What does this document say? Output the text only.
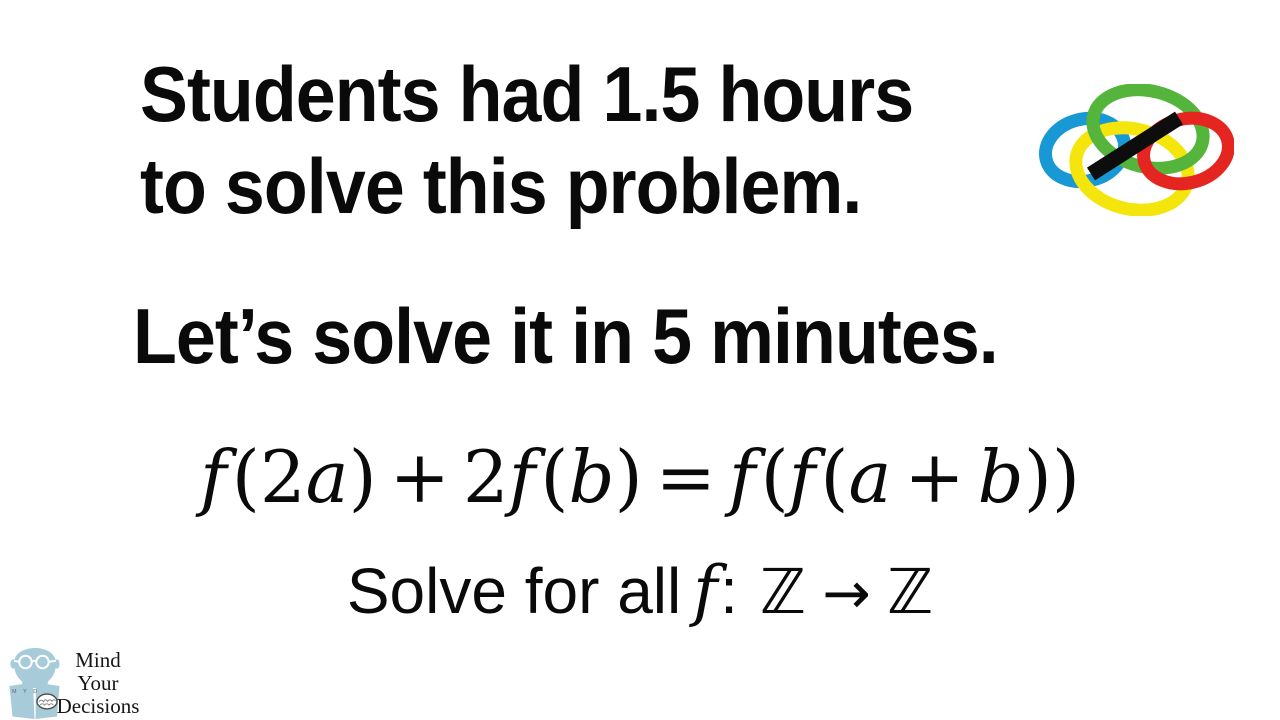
Students had 1.5 hours
to solve this problem.
Let’s solve it in 5 minutes.
f(2a) + 2f(b) = f(f(a + b))
Solve for all f: ℤ → ℤ
M Y D
Mind
Your
Decisions
